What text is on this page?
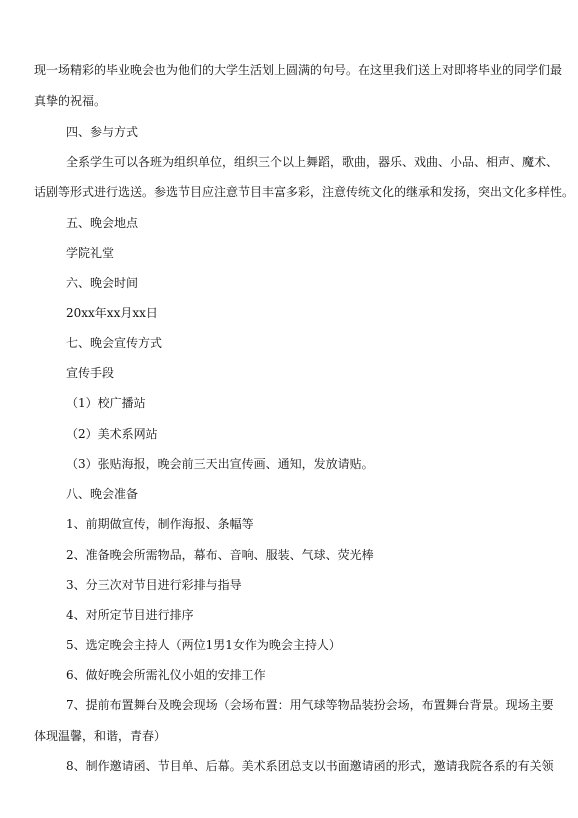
现一场精彩的毕业晚会也为他们的大学生活划上圆满的句号。在这里我们送上对即将毕业的同学们最
真挚的祝福。
四、参与方式
全系学生可以各班为组织单位，组织三个以上舞蹈，歌曲，器乐、戏曲、小品、相声、魔术、
话剧等形式进行选送。参选节目应注意节目丰富多彩，注意传统文化的继承和发扬，突出文化多样性。
五、晚会地点
学院礼堂
六、晚会时间
20xx年xx月xx日
七、晚会宣传方式
宣传手段
（1）校广播站
（2）美术系网站
（3）张贴海报，晚会前三天出宣传画、通知，发放请贴。
八、晚会准备
1、前期做宣传，制作海报、条幅等
2、准备晚会所需物品，幕布、音响、服装、气球、荧光棒
3、分三次对节目进行彩排与指导
4、对所定节目进行排序
5、选定晚会主持人（两位1男1女作为晚会主持人）
6、做好晚会所需礼仪小姐的安排工作
7、提前布置舞台及晚会现场（会场布置：用气球等物品装扮会场，布置舞台背景。现场主要
体现温馨，和谐，青春）
8、制作邀请函、节目单、后幕。美术系团总支以书面邀请函的形式，邀请我院各系的有关领
